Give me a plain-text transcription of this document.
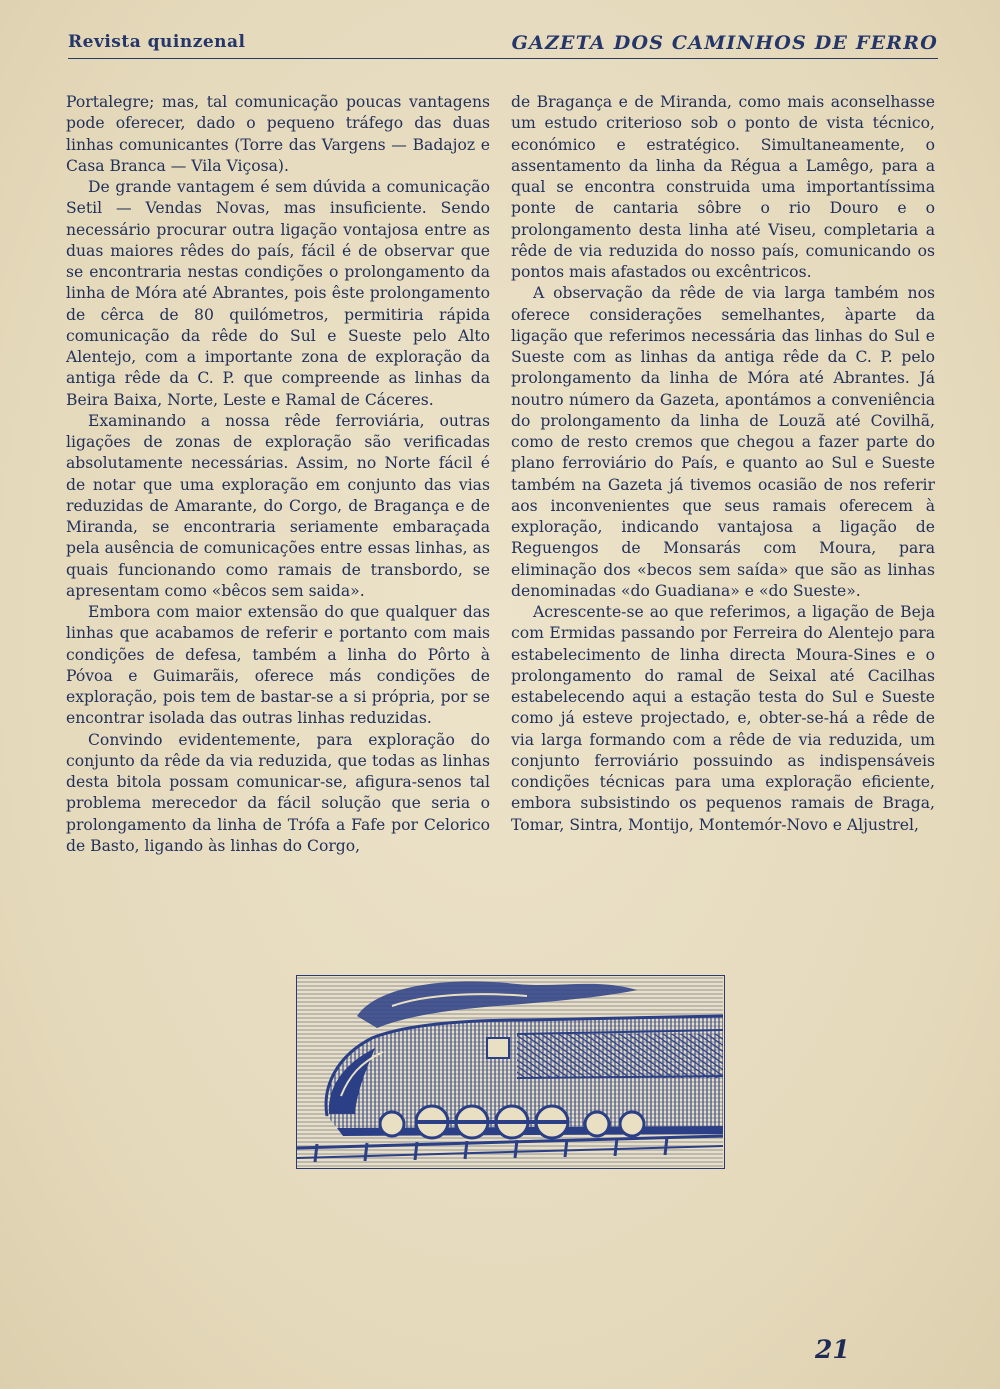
Revista quinzenal	GAZETA DOS CAMINHOS DE FERRO

Portalegre; mas, tal comunicação poucas vantagens pode oferecer, dado o pequeno tráfego das duas linhas comunicantes (Torre das Vargens — Badajoz e Casa Branca — Vila Viçosa).

De grande vantagem é sem dúvida a comunicação Setil — Vendas Novas, mas insuficiente. Sendo necessário procurar outra ligação vontajosa entre as duas maiores rêdes do país, fácil é de observar que se encontraria nestas condições o prolongamento da linha de Móra até Abrantes, pois êste prolongamento de cêrca de 80 quilómetros, permitiria rápida comunicação da rêde do Sul e Sueste pelo Alto Alentejo, com a importante zona de exploração da antiga rêde da C. P. que compreende as linhas da Beira Baixa, Norte, Leste e Ramal de Cáceres.

Examinando a nossa rêde ferroviária, outras ligações de zonas de exploração são verificadas absolutamente necessárias. Assim, no Norte fácil é de notar que uma exploração em conjunto das vias reduzidas de Amarante, do Corgo, de Bragança e de Miranda, se encontraria seriamente embaraçada pela ausência de comunicações entre essas linhas, as quais funcionando como ramais de transbordo, se apresentam como «bêcos sem saida».

Embora com maior extensão do que qualquer das linhas que acabamos de referir e portanto com mais condições de defesa, também a linha do Pôrto à Póvoa e Guimarãis, oferece más condições de exploração, pois tem de bastar-se a si própria, por se encontrar isolada das outras linhas reduzidas.

Convindo evidentemente, para exploração do conjunto da rêde da via reduzida, que todas as linhas desta bitola possam comunicar-se, afigura-senos tal problema merecedor da fácil solução que seria o prolongamento da linha de Trófa a Fafe por Celorico de Basto, ligando às linhas do Corgo,

de Bragança e de Miranda, como mais aconselhasse um estudo criterioso sob o ponto de vista técnico, económico e estratégico. Simultaneamente, o assentamento da linha da Régua a Lamêgo, para a qual se encontra construida uma importantíssima ponte de cantaria sôbre o rio Douro e o prolongamento desta linha até Viseu, completaria a rêde de via reduzida do nosso país, comunicando os pontos mais afastados ou excêntricos.

A observação da rêde de via larga também nos oferece considerações semelhantes, àparte da ligação que referimos necessária das linhas do Sul e Sueste com as linhas da antiga rêde da C. P. pelo prolongamento da linha de Móra até Abrantes. Já noutro número da Gazeta, apontámos a conveniência do prolongamento da linha de Louzã até Covilhã, como de resto cremos que chegou a fazer parte do plano ferroviário do País, e quanto ao Sul e Sueste também na Gazeta já tivemos ocasião de nos referir aos inconvenientes que seus ramais oferecem à exploração, indicando vantajosa a ligação de Reguengos de Monsarás com Moura, para eliminação dos «becos sem saída» que são as linhas denominadas «do Guadiana» e «do Sueste».

Acrescente-se ao que referimos, a ligação de Beja com Ermidas passando por Ferreira do Alentejo para estabelecimento de linha directa Moura-Sines e o prolongamento do ramal de Seixal até Cacilhas estabelecendo aqui a estação testa do Sul e Sueste como já esteve projectado, e, obter-se-há a rêde de via larga formando com a rêde de via reduzida, um conjunto ferroviário possuindo as indispensáveis condições técnicas para uma exploração eficiente, embora subsistindo os pequenos ramais de Braga, Tomar, Sintra, Montijo, Montemór-Novo e Aljustrel,

21
